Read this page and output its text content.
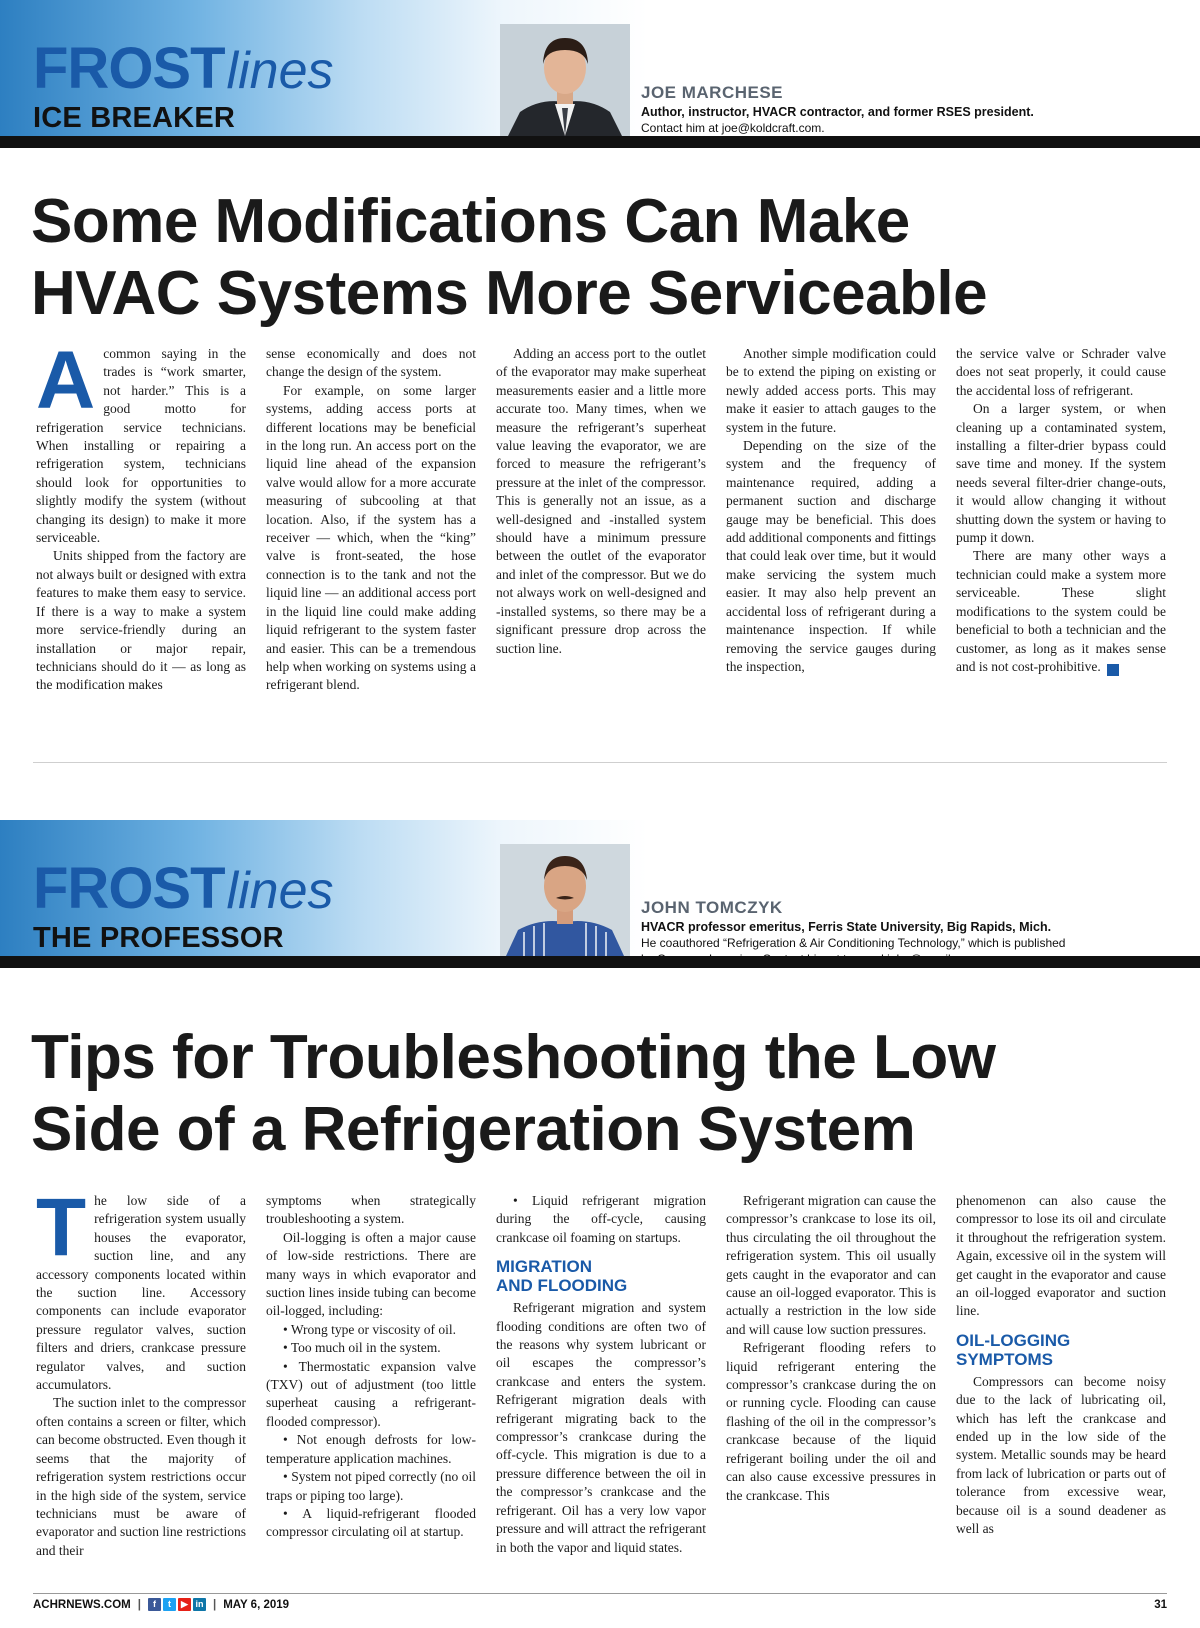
FROSTlines
ICE BREAKER
JOE MARCHESE
Author, instructor, HVACR contractor, and former RSES president.
Contact him at joe@koldcraft.com.
Some Modifications Can Make
HVAC Systems More Serviceable
A common saying in the trades is “work smarter, not harder.” This is a good motto for refrigeration service technicians. When installing or repairing a refrigeration system, technicians should look for opportunities to slightly modify the system (without changing its design) to make it more serviceable.

Units shipped from the factory are not always built or designed with extra features to make them easy to service. If there is a way to make a system more service-friendly during an installation or major repair, technicians should do it — as long as the modification makes

sense economically and does not change the design of the system.

For example, on some larger systems, adding access ports at different locations may be beneficial in the long run. An access port on the liquid line ahead of the expansion valve would allow for a more accurate measuring of subcooling at that location. Also, if the system has a receiver — which, when the “king” valve is front-seated, the hose connection is to the tank and not the liquid line — an additional access port in the liquid line could make adding liquid refrigerant to the system faster and easier. This can be a tremendous help when working on systems using a refrigerant blend.

Adding an access port to the outlet of the evaporator may make superheat measurements easier and a little more accurate too. Many times, when we measure the refrigerant’s superheat value leaving the evaporator, we are forced to measure the refrigerant’s pressure at the inlet of the compressor. This is generally not an issue, as a well-designed and -installed system should have a minimum pressure between the outlet of the evaporator and inlet of the compressor. But we do not always work on well-designed and -installed systems, so there may be a significant pressure drop across the suction line.

Another simple modification could be to extend the piping on existing or newly added access ports. This may make it easier to attach gauges to the system in the future.

Depending on the size of the system and the frequency of maintenance required, adding a permanent suction and discharge gauge may be beneficial. This does add additional components and fittings that could leak over time, but it would make servicing the system much easier. It may also help prevent an accidental loss of refrigerant during a maintenance inspection. If while removing the service gauges during the inspection,

the service valve or Schrader valve does not seat properly, it could cause the accidental loss of refrigerant.

On a larger system, or when cleaning up a contaminated system, installing a filter-drier bypass could save time and money. If the system needs several filter-drier change-outs, it would allow changing it without shutting down the system or having to pump it down.

There are many other ways a technician could make a system more serviceable. These slight modifications to the system could be beneficial to both a technician and the customer, as long as it makes sense and is not cost-prohibitive. N

FROSTlines
THE PROFESSOR
JOHN TOMCZYK
HVACR professor emeritus, Ferris State University, Big Rapids, Mich.
He coauthored “Refrigeration & Air Conditioning Technology,” which is published
Tips for Troubleshooting the Low
Side of a Refrigeration System
T he low side of a refrigeration system usually houses the evaporator, suction line, and any accessory components located within the suction line. Accessory components can include evaporator pressure regulator valves, suction filters and driers, crankcase pressure regulator valves, and suction accumulators.

The suction inlet to the compressor often contains a screen or filter, which can become obstructed. Even though it seems that the majority of refrigeration system restrictions occur in the high side of the system, service technicians must be aware of evaporator and suction line restrictions and their

symptoms when strategically troubleshooting a system.

Oil-logging is often a major cause of low-side restrictions. There are many ways in which evaporator and suction lines inside tubing can become oil-logged, including:

• Wrong type or viscosity of oil.

• Too much oil in the system.

• Thermostatic expansion valve (TXV) out of adjustment (too little superheat causing a refrigerant-flooded compressor).

• Not enough defrosts for low-temperature application machines.

• System not piped correctly (no oil traps or piping too large).

• A liquid-refrigerant flooded compressor circulating oil at startup.

• Liquid refrigerant migration during the off-cycle, causing crankcase oil foaming on startups.

MIGRATION
AND FLOODING

Refrigerant migration and system flooding conditions are often two of the reasons why system lubricant or oil escapes the compressor’s crankcase and enters the system. Refrigerant migration deals with refrigerant migrating back to the compressor’s crankcase during the off-cycle. This migration is due to a pressure difference between the oil in the compressor’s crankcase and the refrigerant. Oil has a very low vapor pressure and will attract the refrigerant in both the vapor and liquid states.

Refrigerant migration can cause the compressor’s crankcase to lose its oil, thus circulating the oil throughout the refrigeration system. This oil usually gets caught in the evaporator and can cause an oil-logged evaporator. This is actually a restriction in the low side and will cause low suction pressures.

Refrigerant flooding refers to liquid refrigerant entering the compressor’s crankcase during the on or running cycle. Flooding can cause flashing of the oil in the compressor’s crankcase because of the liquid refrigerant boiling under the oil and can also cause excessive pressures in the crankcase. This

phenomenon can also cause the compressor to lose its oil and circulate it throughout the refrigeration system. Again, excessive oil in the system will get caught in the evaporator and cause an oil-logged evaporator and suction line.

OIL-LOGGING
SYMPTOMS

Compressors can become noisy due to the lack of lubricating oil, which has left the crankcase and ended up in the low side of the system. Metallic sounds may be heard from lack of lubrication or parts out of tolerance from excessive wear, because oil is a sound deadener as well as

ACHRNEWS.COM |	f	t	▶ in | MAY 6, 2019	31
